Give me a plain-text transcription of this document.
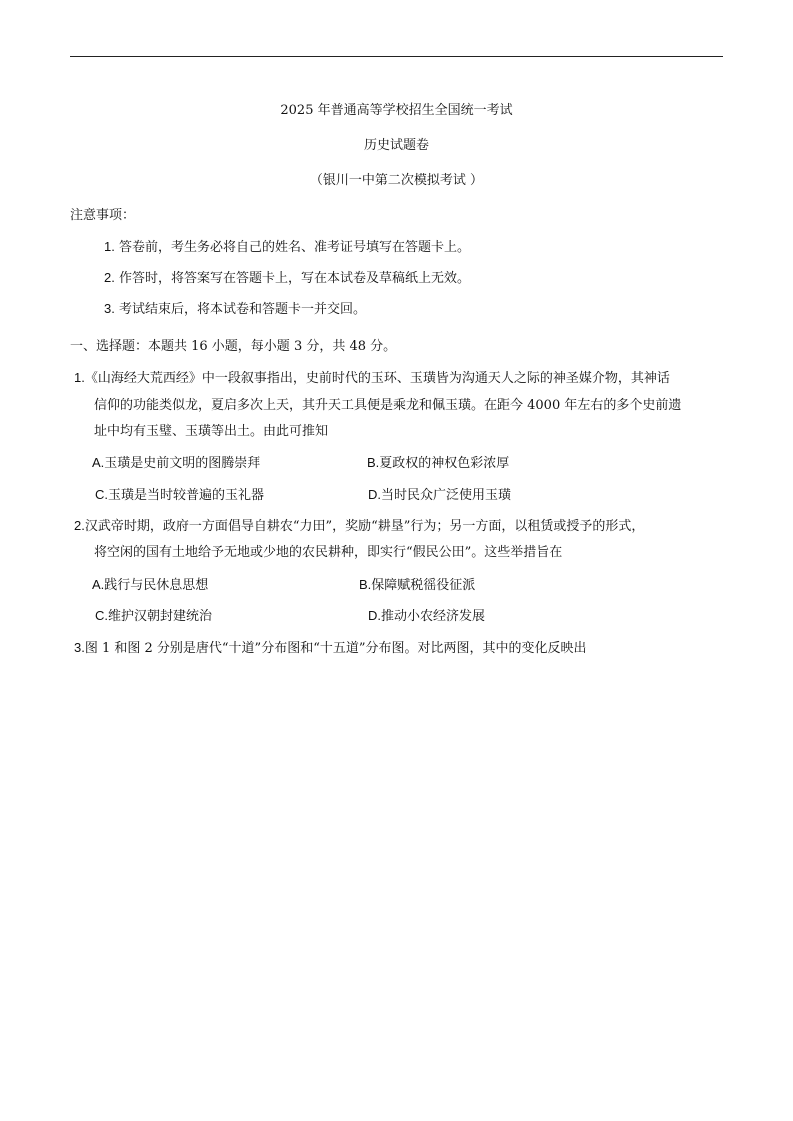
2025 年普通高等学校招生全国统一考试
历史试题卷
（银川一中第二次模拟考试 ）
注意事项：
1. 答卷前，考生务必将自己的姓名、准考证号填写在答题卡上。
2. 作答时，将答案写在答题卡上，写在本试卷及草稿纸上无效。
3. 考试结束后，将本试卷和答题卡一并交回。
一、选择题：本题共 16 小题，每小题 3 分，共 48 分。
1.《山海经大荒西经》中一段叙事指出，史前时代的玉环、玉璜皆为沟通天人之际的神圣媒介物，其神话
信仰的功能类似龙，夏启多次上天，其升天工具便是乘龙和佩玉璜。在距今 4000 年左右的多个史前遗
址中均有玉璧、玉璜等出土。由此可推知
A.玉璜是史前文明的图腾崇拜	B.夏政权的神权色彩浓厚
C.玉璜是当时较普遍的玉礼器	D.当时民众广泛使用玉璜
2.汉武帝时期，政府一方面倡导自耕农“力田”，奖励“耕垦”行为；另一方面，以租赁或授予的形式，
将空闲的国有土地给予无地或少地的农民耕种，即实行“假民公田”。这些举措旨在
A.践行与民休息思想	B.保障赋税徭役征派
C.维护汉朝封建统治	D.推动小农经济发展
3.图 1 和图 2 分别是唐代“十道”分布图和“十五道”分布图。对比两图，其中的变化反映出
